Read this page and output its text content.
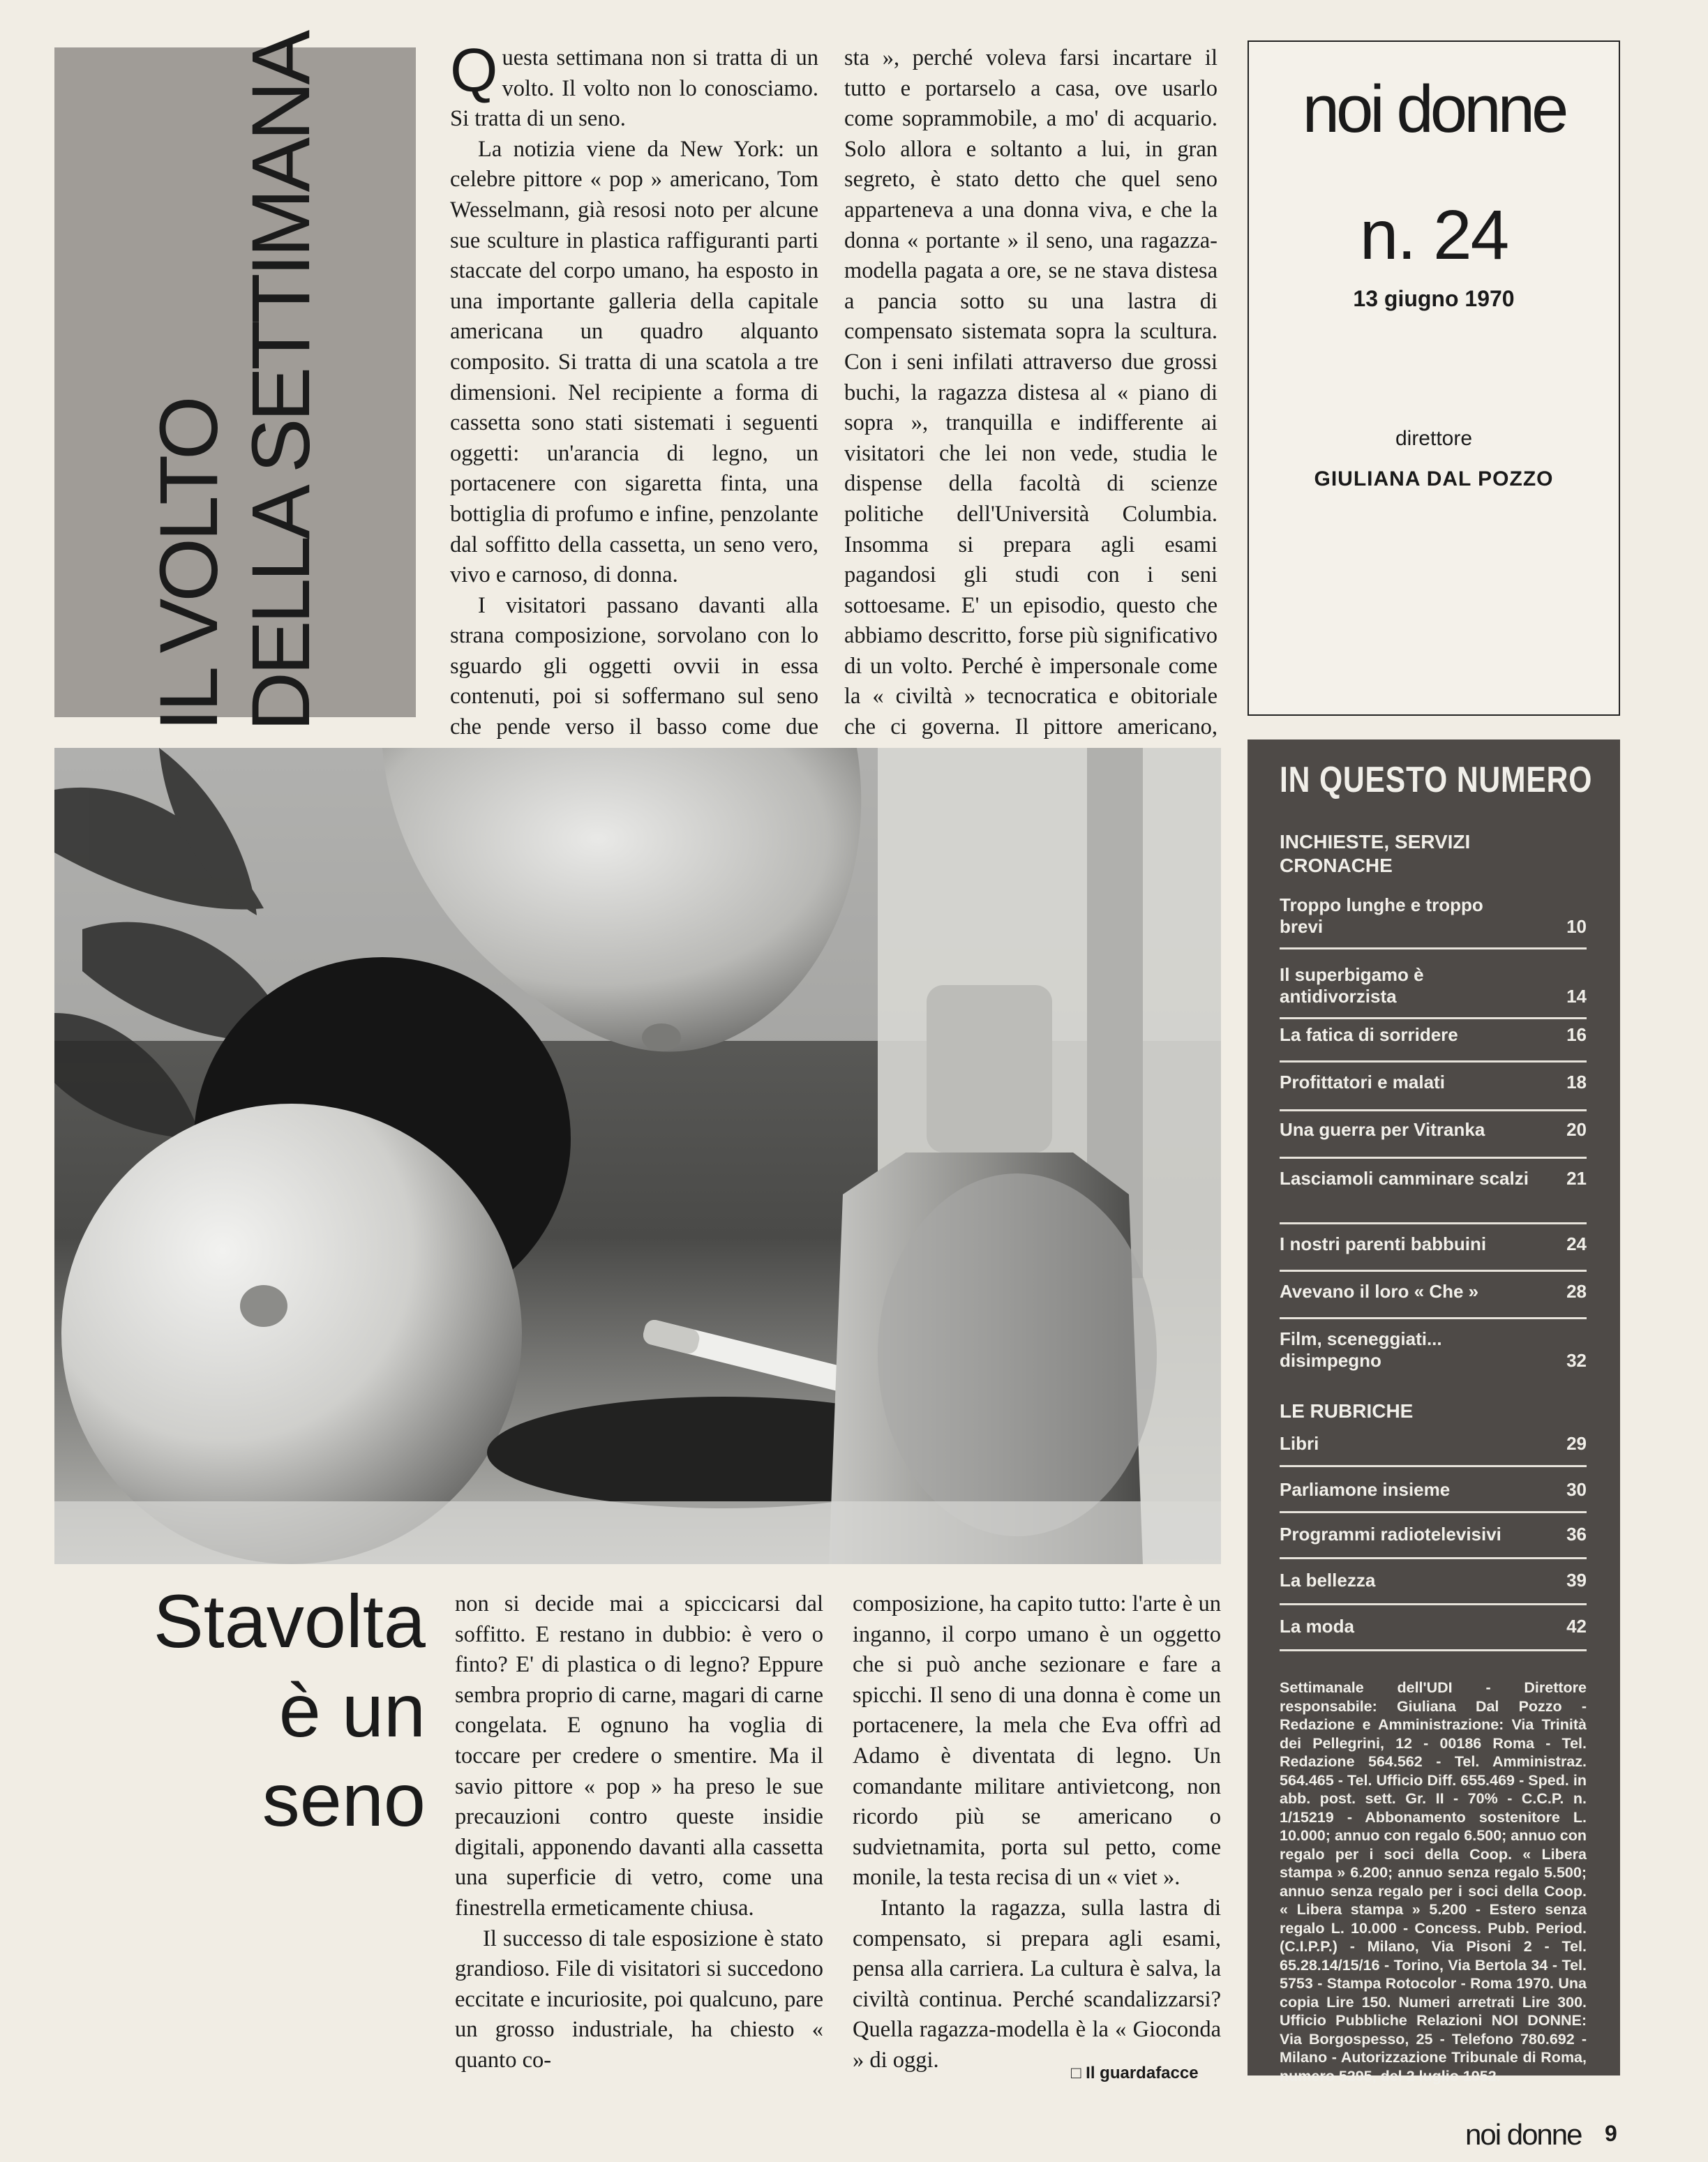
IL VOLTO DELLA SETTIMANA Questa settimana non si tratta di un volto. Il volto non lo conosciamo. Si tratta di un seno.

La notizia viene da New York: un celebre pittore « pop » americano, Tom Wesselmann, già resosi noto per alcune sue sculture in plastica raffiguranti parti staccate del corpo umano, ha esposto in una importante galleria della capitale americana un quadro alquanto composito. Si tratta di una scatola a tre dimensioni. Nel recipiente a forma di cassetta sono stati sistemati i seguenti oggetti: un'arancia di legno, un portacenere con sigaretta finta, una bottiglia di profumo e infine, penzolante dal soffitto della cassetta, un seno vero, vivo e carnoso, di donna.

I visitatori passano davanti alla strana composizione, sorvolano con lo sguardo gli oggetti ovvii in essa contenuti, poi si soffermano sul seno che pende verso il basso come due

sta », perché voleva farsi incartare il tutto e portarselo a casa, ove usarlo come soprammobile, a mo' di acquario. Solo allora e soltanto a lui, in gran segreto, è stato detto che quel seno apparteneva a una donna viva, e che la donna « portante » il seno, una ragazza-modella pagata a ore, se ne stava distesa a pancia sotto su una lastra di compensato sistemata sopra la scultura. Con i seni infilati attraverso due grossi buchi, la ragazza distesa al « piano di sopra », tranquilla e indifferente ai visitatori che lei non vede, studia le dispense della facoltà di scienze politiche dell'Università Columbia. Insomma si prepara agli esami pagandosi gli studi con i seni sottoesame. E' un episodio, questo che abbiamo descritto, forse più significativo di un volto. Perché è impersonale come la « civiltà » tecnocratica e obitoriale che ci governa. Il pittore americano,

noi donne
n. 24
13 giugno 1970
direttore
GIULIANA DAL POZZO
IN QUESTO NUMERO
INCHIESTE, SERVIZI CRONACHE
Troppo lunghe e troppo brevi	10
Il superbigamo è antidivorzista	14
La fatica di sorridere	16
Profittatori e malati	18
Una guerra per Vitranka	20
Lasciamoli camminare scalzi 21
I nostri parenti babbuini	24
Avevano il loro « Che »	28
Film, sceneggiati... disimpegno	32
LE RUBRICHE
Libri	29
Parliamone insieme	30
Programmi radiotelevisivi	36
La bellezza	39
La moda	42
Settimanale dell'UDI - Direttore responsabile: Giuliana Dal Pozzo - Redazione e Amministrazione: Via Trinità dei Pellegrini, 12 - 00186 Roma - Tel. Redazione 564.562 - Tel. Amministraz. 564.465 - Tel. Ufficio Diff. 655.469 - Sped. in abb. post. sett. Gr. II - 70% - C.C.P. n. 1/15219 - Abbonamento sostenitore L. 10.000; annuo con regalo 6.500; annuo con regalo per i soci della Coop. « Libera stampa » 6.200; annuo senza regalo 5.500; annuo senza regalo per i soci della Coop. « Libera stampa » 5.200 - Estero senza regalo L. 10.000 - Concess. Pubb. Period. (C.I.P.P.) - Milano, Via Pisoni 2 - Tel. 65.28.14/15/16 - Torino, Via Bertola 34 - Tel. 5753 - Stampa Rotocolor - Roma 1970. Una copia Lire 150. Numeri arretrati Lire 300. Ufficio Pubbliche Relazioni NOI DONNE: Via Borgospesso, 25 - Telefono 780.692 - Milano - Autorizzazione Tribunale di Roma, numero 5295, del 2 luglio 1952.
Stavolta
è un
seno

non si decide mai a spiccicarsi dal soffitto. E restano in dubbio: è vero o finto? E' di plastica o di legno? Eppure sembra proprio di carne, magari di carne congelata. E ognuno ha voglia di toccare per credere o smentire. Ma il savio pittore « pop » ha preso le sue precauzioni contro queste insidie digitali, apponendo davanti alla cassetta una superficie di vetro, come una finestrella ermeticamente chiusa.

Il successo di tale esposizione è stato grandioso. File di visitatori si succedono eccitate e incuriosite, poi qualcuno, pare un grosso industriale, ha chiesto « quanto co-

composizione, ha capito tutto: l'arte è un inganno, il corpo umano è un oggetto che si può anche sezionare e fare a spicchi. Il seno di una donna è come un portacenere, la mela che Eva offrì ad Adamo è diventata di legno. Un comandante militare antivietcong, non ricordo più se americano o sudvietnamita, porta sul petto, come monile, la testa recisa di un « viet ».

Intanto la ragazza, sulla lastra di compensato, si prepara agli esami, pensa alla carriera. La cultura è salva, la civiltà continua. Perché scandalizzarsi? Quella ragazza-modella è la « Gioconda » di oggi.

□ Il guardafacce
noi donne 9
